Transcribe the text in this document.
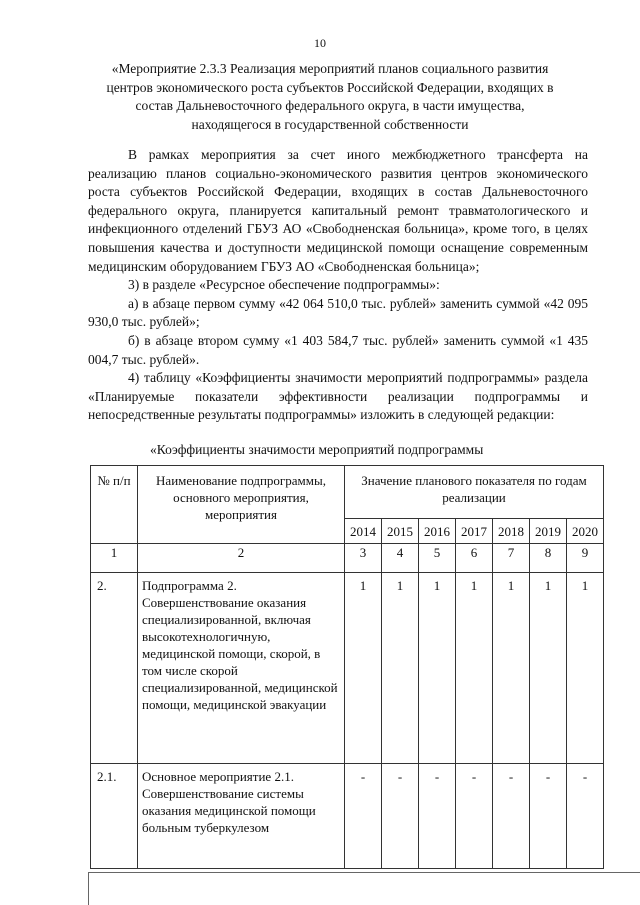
10
«Мероприятие 2.3.3 Реализация мероприятий планов социального развития
центров экономического роста субъектов Российской Федерации, входящих в
состав Дальневосточного федерального округа, в части имущества,
находящегося в государственной собственности

В рамках мероприятия за счет иного межбюджетного трансферта на реализацию планов социально-экономического развития центров экономического роста субъектов Российской Федерации, входящих в состав Дальневосточного федерального округа, планируется капитальный ремонт травматологического и инфекционного отделений ГБУЗ АО «Свободненская больница», кроме того, в целях повышения качества и доступности медицинской помощи оснащение современным медицинским оборудованием ГБУЗ АО «Свободненская больница»;

3) в разделе «Ресурсное обеспечение подпрограммы»:

а) в абзаце первом сумму «42 064 510,0 тыс. рублей» заменить суммой «42 095 930,0 тыс. рублей»;

б) в абзаце втором сумму «1 403 584,7 тыс. рублей» заменить суммой «1 435 004,7 тыс. рублей».

4) таблицу «Коэффициенты значимости мероприятий подпрограммы» раздела «Планируемые показатели эффективности реализации подпрограммы и непосредственные результаты подпрограммы» изложить в следующей редакции:

«Коэффициенты значимости мероприятий подпрограммы
№ п/п	Наименование подпрограммы, основного мероприятия, мероприятия	Значение планового показателя по годам реализации						
		2014	2015	2016	2017	2018	2019	2020
1	2	3	4	5	6	7	8	9
2.	Подпрограмма 2. Совершенствование оказания специализированной, включая высокотехнологичную, медицинской помощи, скорой, в том числе скорой специализированной, медицинской помощи, медицинской эвакуации	1	1	1	1	1	1	1
2.1.	Основное мероприятие 2.1. Совершенствование системы оказания медицинской помощи больным туберкулезом	-	-	-	-	-	-	-
